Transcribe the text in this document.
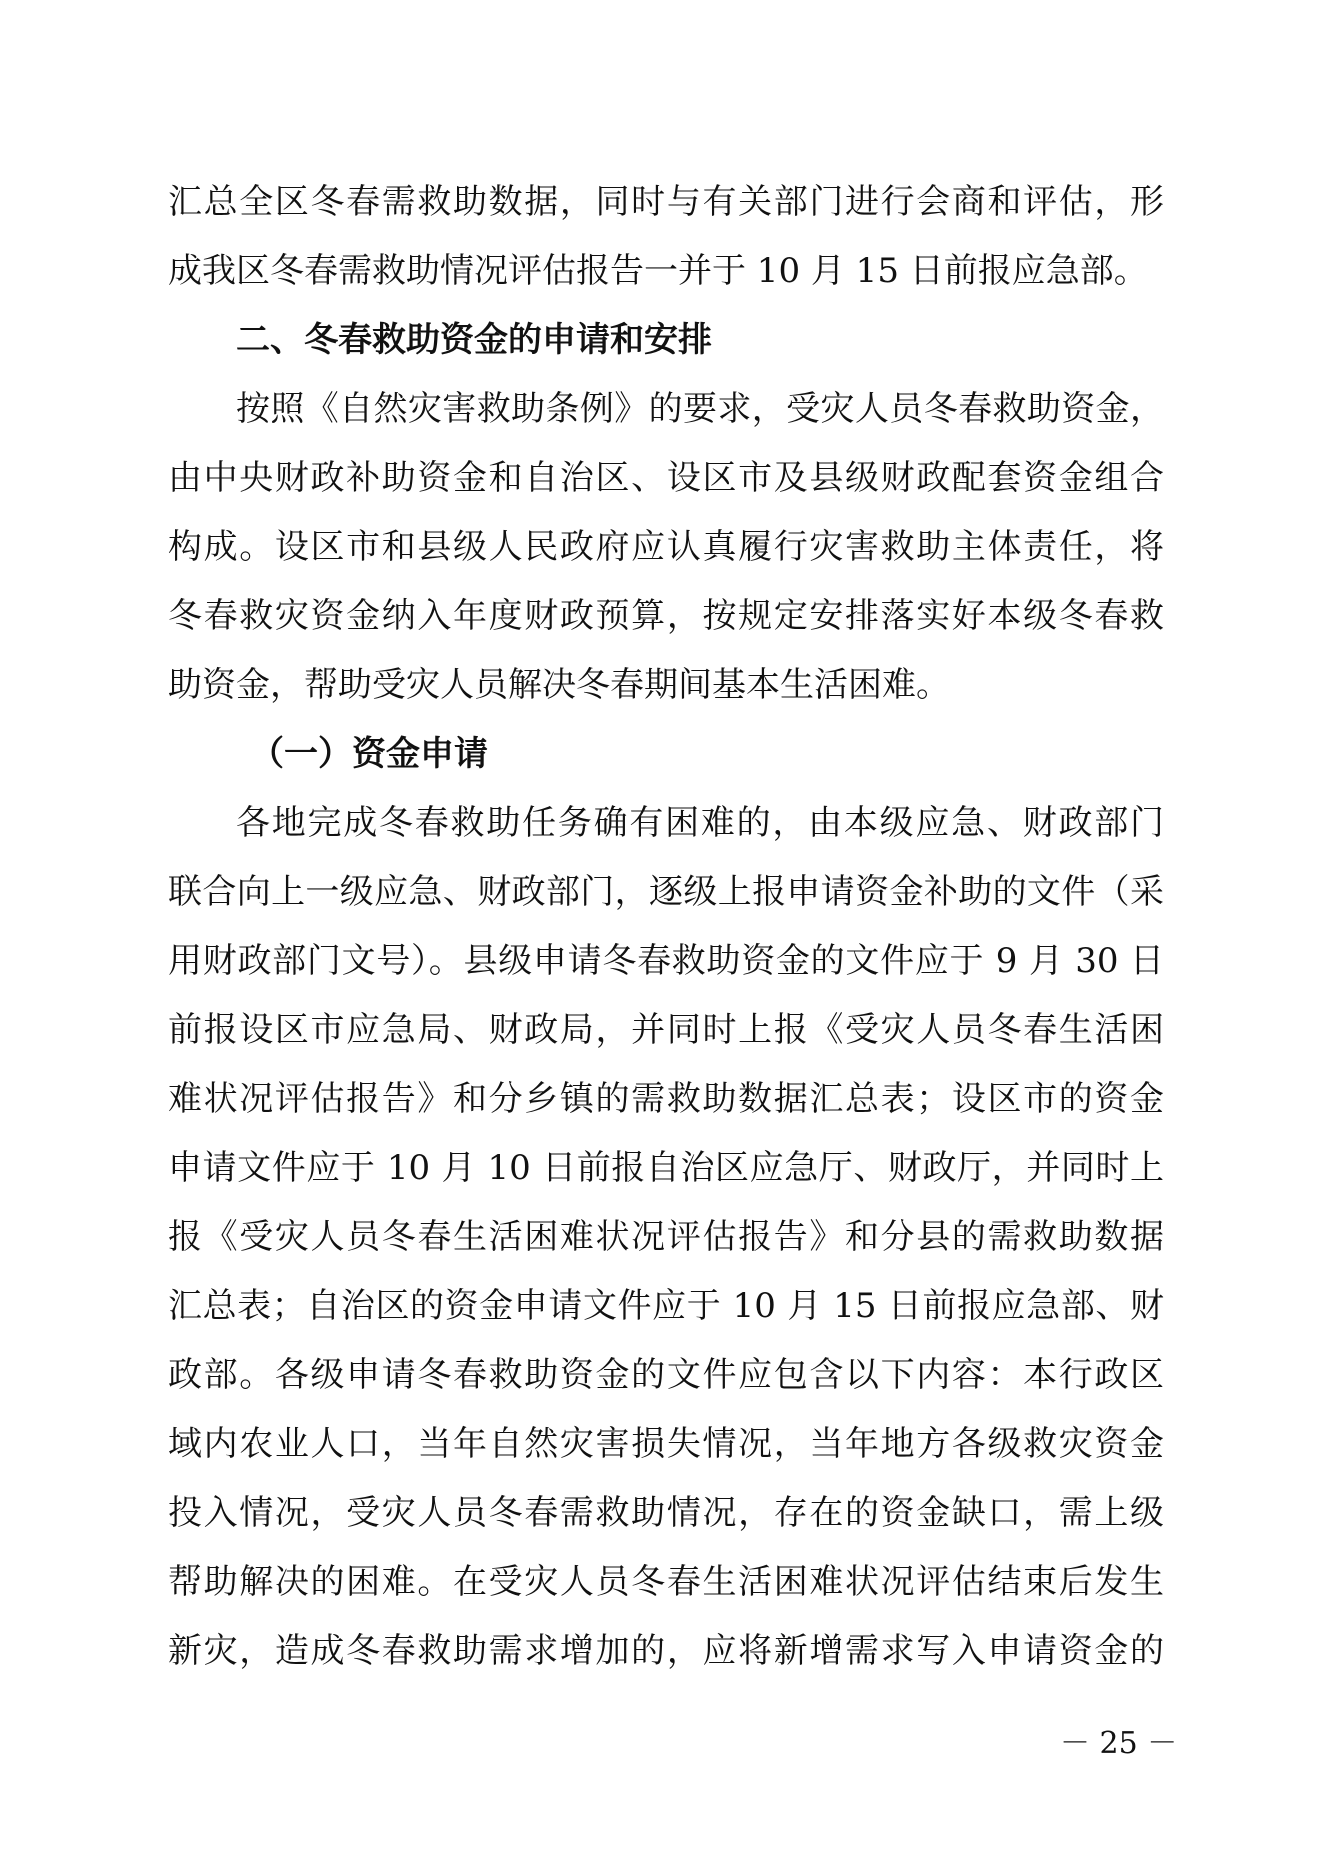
汇总全区冬春需救助数据，同时与有关部门进行会商和评估，形
成我区冬春需救助情况评估报告一并于 10 月 15 日前报应急部。
二、冬春救助资金的申请和安排
按照《自然灾害救助条例》的要求，受灾人员冬春救助资金，
由中央财政补助资金和自治区、设区市及县级财政配套资金组合
构成。设区市和县级人民政府应认真履行灾害救助主体责任，将
冬春救灾资金纳入年度财政预算，按规定安排落实好本级冬春救
助资金，帮助受灾人员解决冬春期间基本生活困难。
（一）资金申请
各地完成冬春救助任务确有困难的，由本级应急、财政部门
联合向上一级应急、财政部门，逐级上报申请资金补助的文件（采
用财政部门文号）。县级申请冬春救助资金的文件应于 9 月 30 日
前报设区市应急局、财政局，并同时上报《受灾人员冬春生活困
难状况评估报告》和分乡镇的需救助数据汇总表；设区市的资金
申请文件应于 10 月 10 日前报自治区应急厅、财政厅，并同时上
报《受灾人员冬春生活困难状况评估报告》和分县的需救助数据
汇总表；自治区的资金申请文件应于 10 月 15 日前报应急部、财
政部。各级申请冬春救助资金的文件应包含以下内容：本行政区
域内农业人口，当年自然灾害损失情况，当年地方各级救灾资金
投入情况，受灾人员冬春需救助情况，存在的资金缺口，需上级
帮助解决的困难。在受灾人员冬春生活困难状况评估结束后发生
新灾，造成冬春救助需求增加的，应将新增需求写入申请资金的
－ 25 －
